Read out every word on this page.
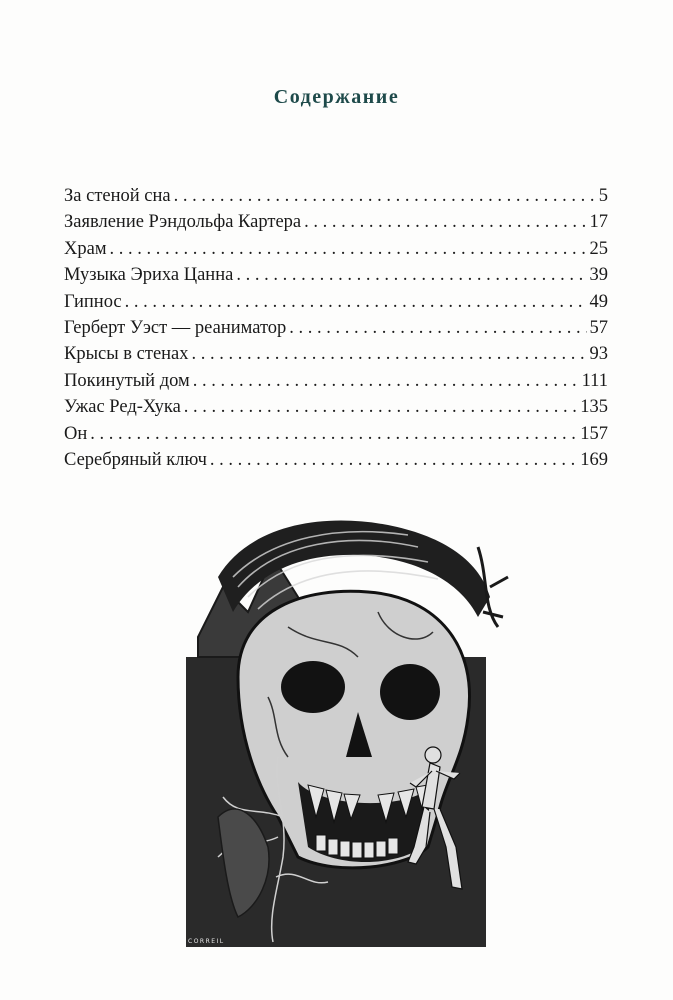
Содержание
За стеной сна . . .	5
Заявление Рэндольфа Картера . . .	17
Храм . . .	25
Музыка Эриха Цанна . . .	39
Гипнос . . .	49
Герберт Уэст — реаниматор . . .	57
Крысы в стенах . . .	93
Покинутый дом . . .	111
Ужас Ред-Хука . . .	135
Он . . .	157
Серебряный ключ . . .	169
CORREIL
